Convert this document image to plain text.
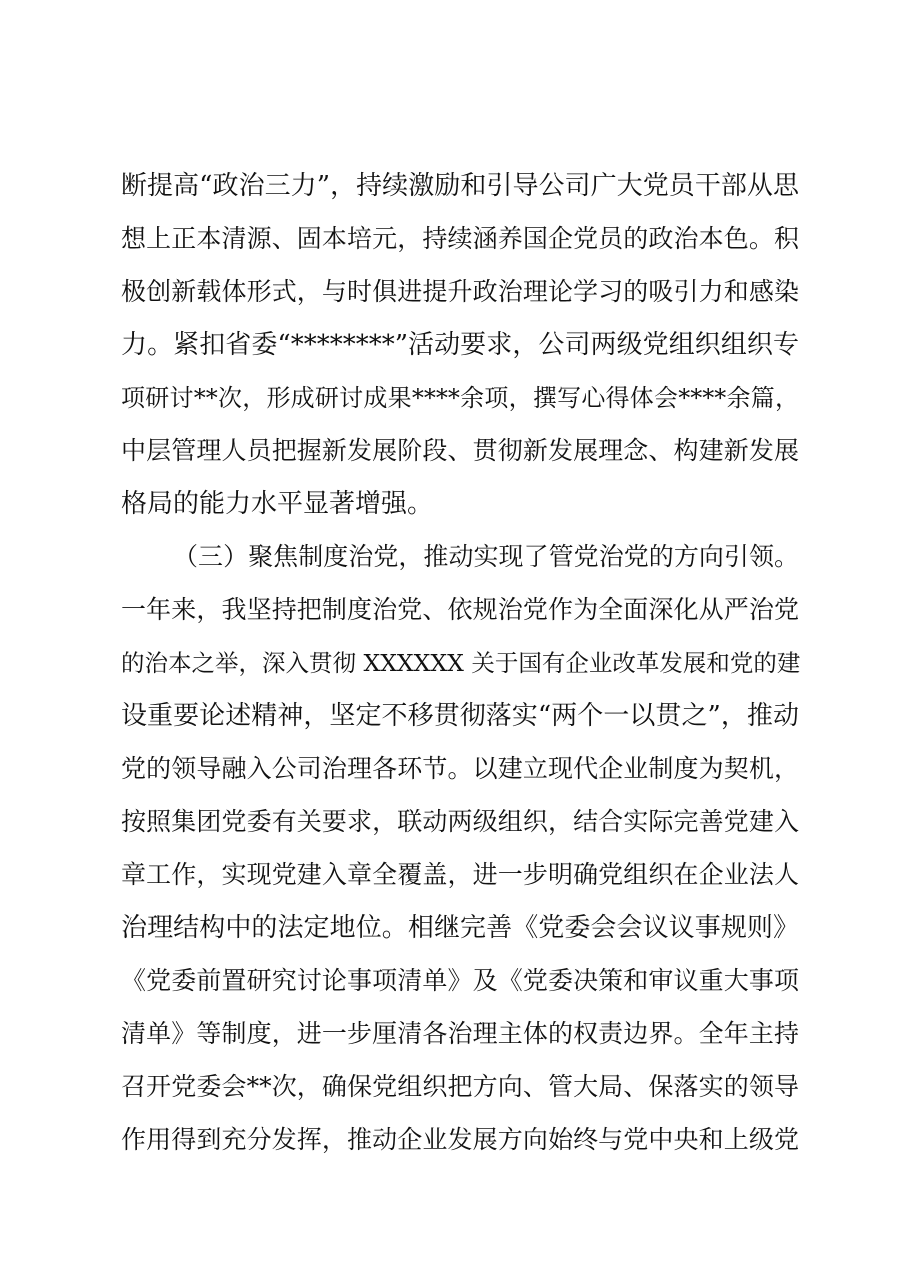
断提高“政治三力”，持续激励和引导公司广大党员干部从思
想上正本清源、固本培元，持续涵养国企党员的政治本色。积
极创新载体形式，与时俱进提升政治理论学习的吸引力和感染
力。紧扣省委“********”活动要求，公司两级党组织组织专
项研讨**次，形成研讨成果****余项，撰写心得体会****余篇，
中层管理人员把握新发展阶段、贯彻新发展理念、构建新发展
格局的能力水平显著增强。
（三）聚焦制度治党，推动实现了管党治党的方向引领。
一年来，我坚持把制度治党、依规治党作为全面深化从严治党
的治本之举，深入贯彻 XXXXXX 关于国有企业改革发展和党的建
设重要论述精神，坚定不移贯彻落实“两个一以贯之”，推动
党的领导融入公司治理各环节。以建立现代企业制度为契机，
按照集团党委有关要求，联动两级组织，结合实际完善党建入
章工作，实现党建入章全覆盖，进一步明确党组织在企业法人
治理结构中的法定地位。相继完善《党委会会议议事规则》
《党委前置研究讨论事项清单》及《党委决策和审议重大事项
清单》等制度，进一步厘清各治理主体的权责边界。全年主持
召开党委会**次，确保党组织把方向、管大局、保落实的领导
作用得到充分发挥，推动企业发展方向始终与党中央和上级党
